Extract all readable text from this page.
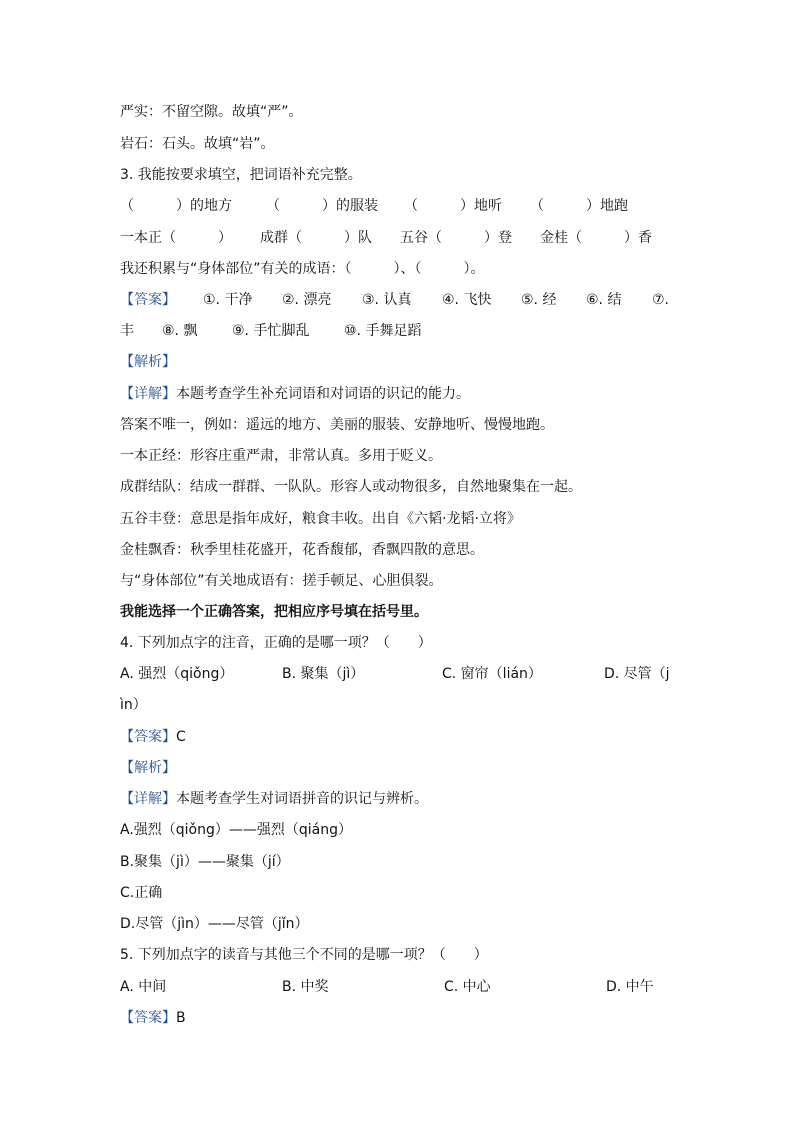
严实：不留空隙。故填“严”。
岩石：石头。故填“岩”。
3. 我能按要求填空，把词语补充完整。
（　　　）的地方 （　　　）的服装 （　　　）地听 （　　　）地跑
一本正（　　　） 成群（　　　）队 五谷（　　　）登 金桂（　　　）香
我还积累与“身体部位”有关的成语：（　　　）、（　　　）。
【答案】 ①. 干净 ②. 漂亮 ③. 认真 ④. 飞快 ⑤. 经 ⑥. 结 ⑦.
丰 ⑧. 飘 ⑨. 手忙脚乱 ⑩. 手舞足蹈
【解析】
【详解】本题考查学生补充词语和对词语的识记的能力。
答案不唯一，例如：遥远的地方、美丽的服装、安静地听、慢慢地跑。
一本正经：形容庄重严肃，非常认真。多用于贬义。
成群结队：结成一群群、一队队。形容人或动物很多，自然地聚集在一起。
五谷丰登：意思是指年成好，粮食丰收。出自《六韬·龙韬·立将》
金桂飘香：秋季里桂花盛开，花香馥郁，香飘四散的意思。
与“身体部位”有关地成语有：搓手顿足、心胆俱裂。
我能选择一个正确答案，把相应序号填在括号里。
4. 下列加点字的注音，正确的是哪一项？（　　）
A. 强烈（qiǒng）	B. 聚集（jì）	C. 窗帘（lián）	D. 尽管（j
ìn）
【答案】C
【解析】
【详解】本题考查学生对词语拼音的识记与辨析。
A.强烈（qiǒng）——强烈（qiáng）
B.聚集（jì）——聚集（jí）
C.正确
D.尽管（jìn）——尽管（jǐn）
5. 下列加点字的读音与其他三个不同的是哪一项？（　　）
A. 中间	B. 中奖	C. 中心	D. 中午
【答案】B
